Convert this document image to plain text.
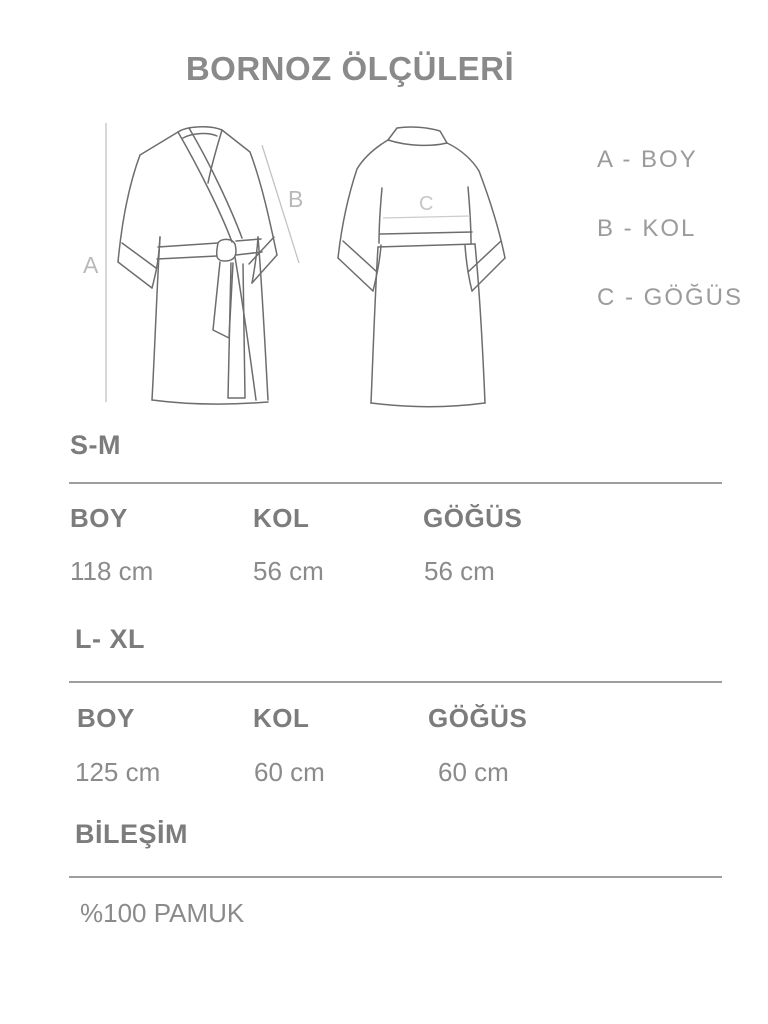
BORNOZ ÖLÇÜLERİ
A
B	C
A - BOY
B - KOL
C - GÖĞÜS
S-M
BOY	KOL	GÖĞÜS
118 cm	56 cm	56 cm
L- XL
BOY	KOL	GÖĞÜS
125 cm	60 cm	60 cm
BİLEŞİM
%100 PAMUK
